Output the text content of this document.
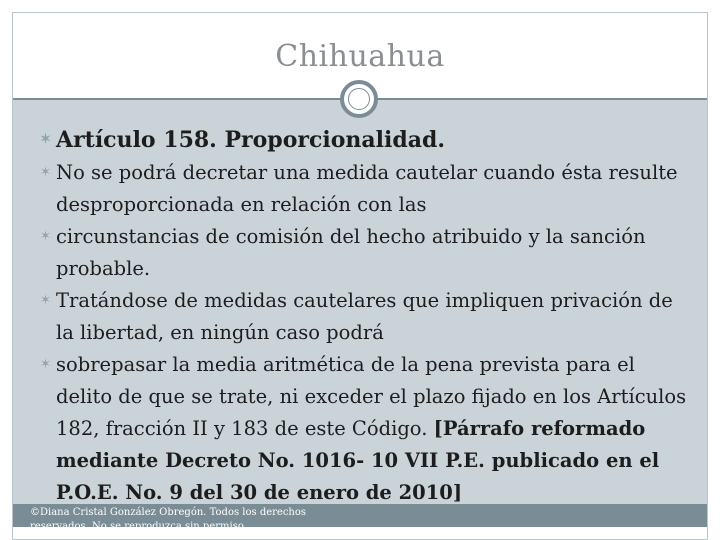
Chihuahua

✶ Artículo 158. Proporcionalidad.

✶ No se podrá decretar una medida cautelar cuando ésta resulte desproporcionada en relación con las

✶ circunstancias de comisión del hecho atribuido y la sanción probable.

✶ Tratándose de medidas cautelares que impliquen privación de la libertad, en ningún caso podrá

✶ sobrepasar la media aritmética de la pena prevista para el delito de que se trate, ni exceder el plazo fijado en los Artículos 182, fracción II y 183 de este Código. [Párrafo reformado mediante Decreto No. 1016- 10 VII P.E. publicado en el P.O.E. No. 9 del 30 de enero de 2010]

©Diana Cristal González Obregón. Todos los derechos reservados. No se reproduzca sin permiso.
